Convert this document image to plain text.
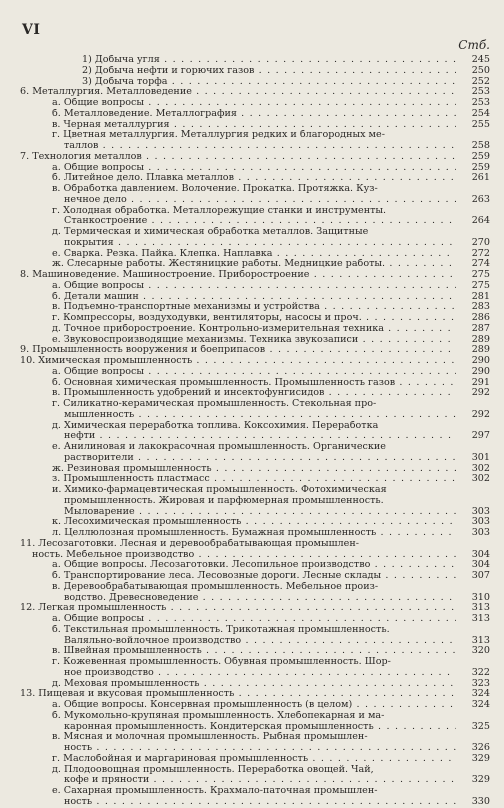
VI
Стб.
1) Добыча угля . . .	245
2) Добыча нефти и горючих газов . . .	250
3) Добыча торфа . . .	252
6. Металлургия. Металловедение . . .	253
а. Общие вопросы . . .	253
б. Металловедение. Металлография . . .	254
в. Черная металлургия . . .	255
г. Цветная металлургия. Металлургия редких и благородных ме-
таллов . . .	258
7. Технология металлов . . .	259
а. Общие вопросы . . .	259
б. Литейное дело. Плавка металлов . . .	261
в. Обработка давлением. Волочение. Прокатка. Протяжка. Куз-
нечное дело . . .	263
г. Холодная обработка. Металлорежущие станки и инструменты.
Станкостроение . . .	264
д. Термическая и химическая обработка металлов. Защитные
покрытия . . .	270
е. Сварка. Резка. Пайка. Клепка. Наплавка . . .	272
ж. Слесарные работы. Жестяницкие работы. Медницкие работы. . . .	274
8. Машиноведение. Машиностроение. Приборостроение . . .	275
а. Общие вопросы . . .	275
б. Детали машин . . .	281
в. Подъемно-транспортные механизмы и устройства . . .	283
г. Компрессоры, воздуходувки, вентиляторы, насосы и проч. . . .	286
д. Точное приборостроение. Контрольно-измерительная техника . . .	287
е. Звуковоспроизводящие механизмы. Техника звукозаписи . . .	289
9. Промышленность вооружения и боеприпасов . . .	289
10. Химическая промышленность . . .	290
а. Общие вопросы . . .	290
б. Основная химическая промышленность. Промышленность газов . . .	291
в. Промышленность удобрений и инсектофунгисидов . . .	292
г. Силикатно-керамическая промышленность. Стекольная про-
мышленность . . .	292
д. Химическая переработка топлива. Коксохимия. Переработка
нефти . . .	297
е. Анилиновая и лакокрасочная промышленность. Органические
растворители . . .	301
ж. Резиновая промышленность . . .	302
з. Промышленность пластмасс . . .	302
и. Химико-фармацевтическая промышленность. Фотохимическая
промышленность. Жировая и парфюмерная промышленность.
Мыловарение . . .	303
к. Лесохимическая промышленность . . .	303
л. Целлюлозная промышленность. Бумажная промышленность . . .	303
11. Лесозаготовки. Лесная и деревообрабатывающая промышлен-
ность. Мебельное производство . . .	304
а. Общие вопросы. Лесозаготовки. Лесопильное производство . . .	304
б. Транспортирование леса. Лесовозные дороги. Лесные склады . . .	307
в. Деревообрабатывающая промышленность. Мебельное произ-
водство. Древесноведение . . .	310
12. Легкая промышленность . . .	313
а. Общие вопросы . . .	313
б. Текстильная промышленность. Трикотажная промышленность.
Валяльно-войлочное производство . . .	313
в. Швейная промышленность . . .	320
г. Кожевенная промышленность. Обувная промышленность. Шор-
ное производство . . .	322
д. Меховая промышленность . . .	323
13. Пищевая и вкусовая промышленность . . .	324
а. Общие вопросы. Консервная промышленность (в целом) . . .	324
б. Мукомольно-крупяная промышленность. Хлебопекарная и ма-
каронная промышленность. Кондитерская промышленность . . .	325
в. Мясная и молочная промышленность. Рыбная промышлен-
ность . . .	326
г. Маслобойная и маргариновая промышленность . . .	329
д. Плодоовощная промышленность. Переработка овощей. Чай,
кофе и пряности . . .	329
е. Сахарная промышленность. Крахмало-паточная промышлен-
ность . . .	330
